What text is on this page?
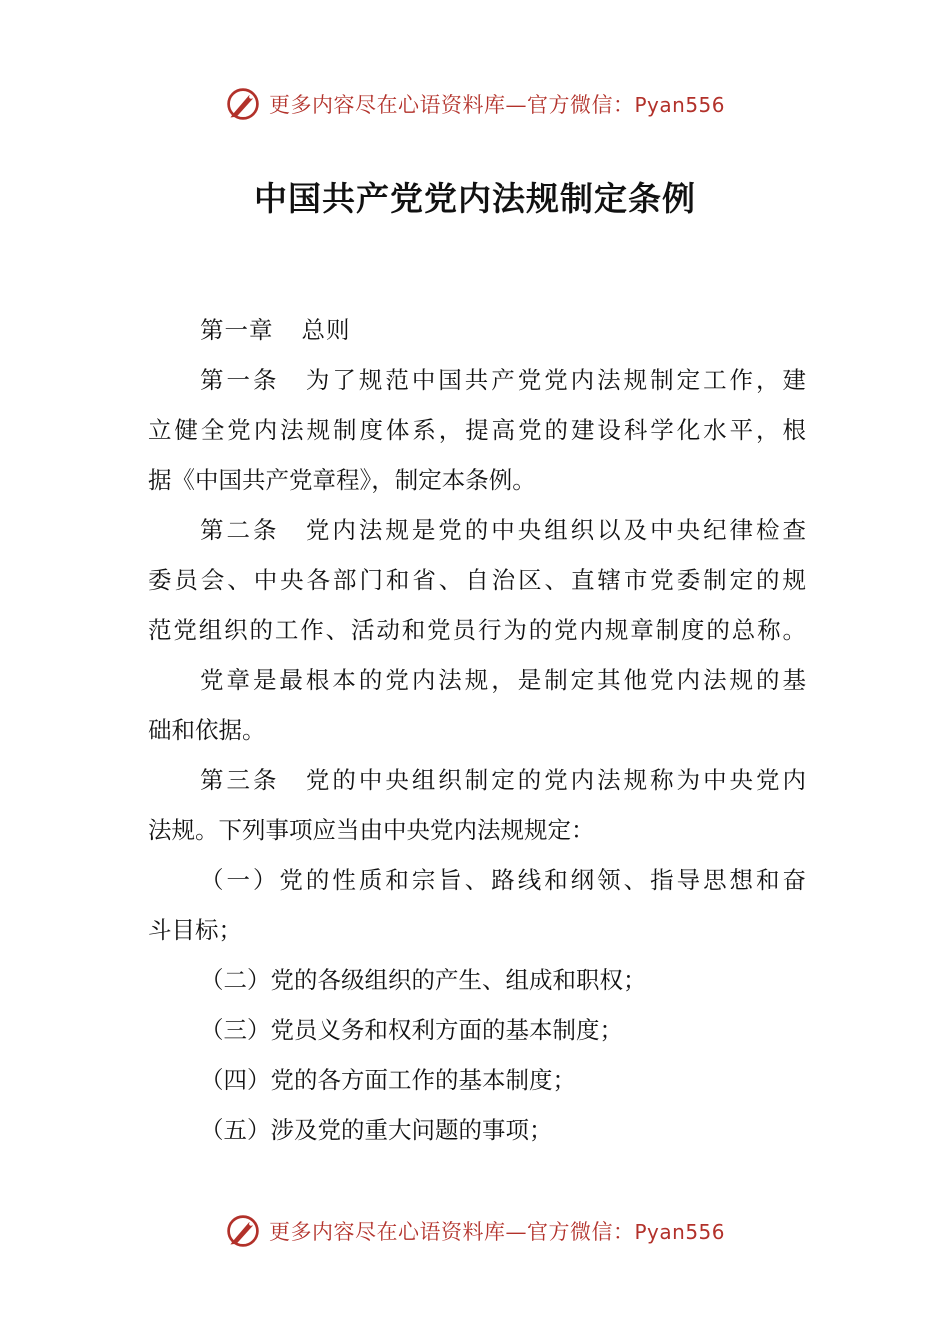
更多内容尽在心语资料库—官方微信：Pyan556
中国共产党党内法规制定条例
第一章 总则
第一条　为了规范中国共产党党内法规制定工作，建
立健全党内法规制度体系，提高党的建设科学化水平，根
据《中国共产党章程》，制定本条例。
第二条　党内法规是党的中央组织以及中央纪律检查
委员会、中央各部门和省、自治区、直辖市党委制定的规
范党组织的工作、活动和党员行为的党内规章制度的总称。
党章是最根本的党内法规，是制定其他党内法规的基
础和依据。
第三条　党的中央组织制定的党内法规称为中央党内
法规。下列事项应当由中央党内法规规定：
（一）党的性质和宗旨、路线和纲领、指导思想和奋
斗目标；
（二）党的各级组织的产生、组成和职权；
（三）党员义务和权利方面的基本制度；
（四）党的各方面工作的基本制度；
（五）涉及党的重大问题的事项；
更多内容尽在心语资料库—官方微信：Pyan556
